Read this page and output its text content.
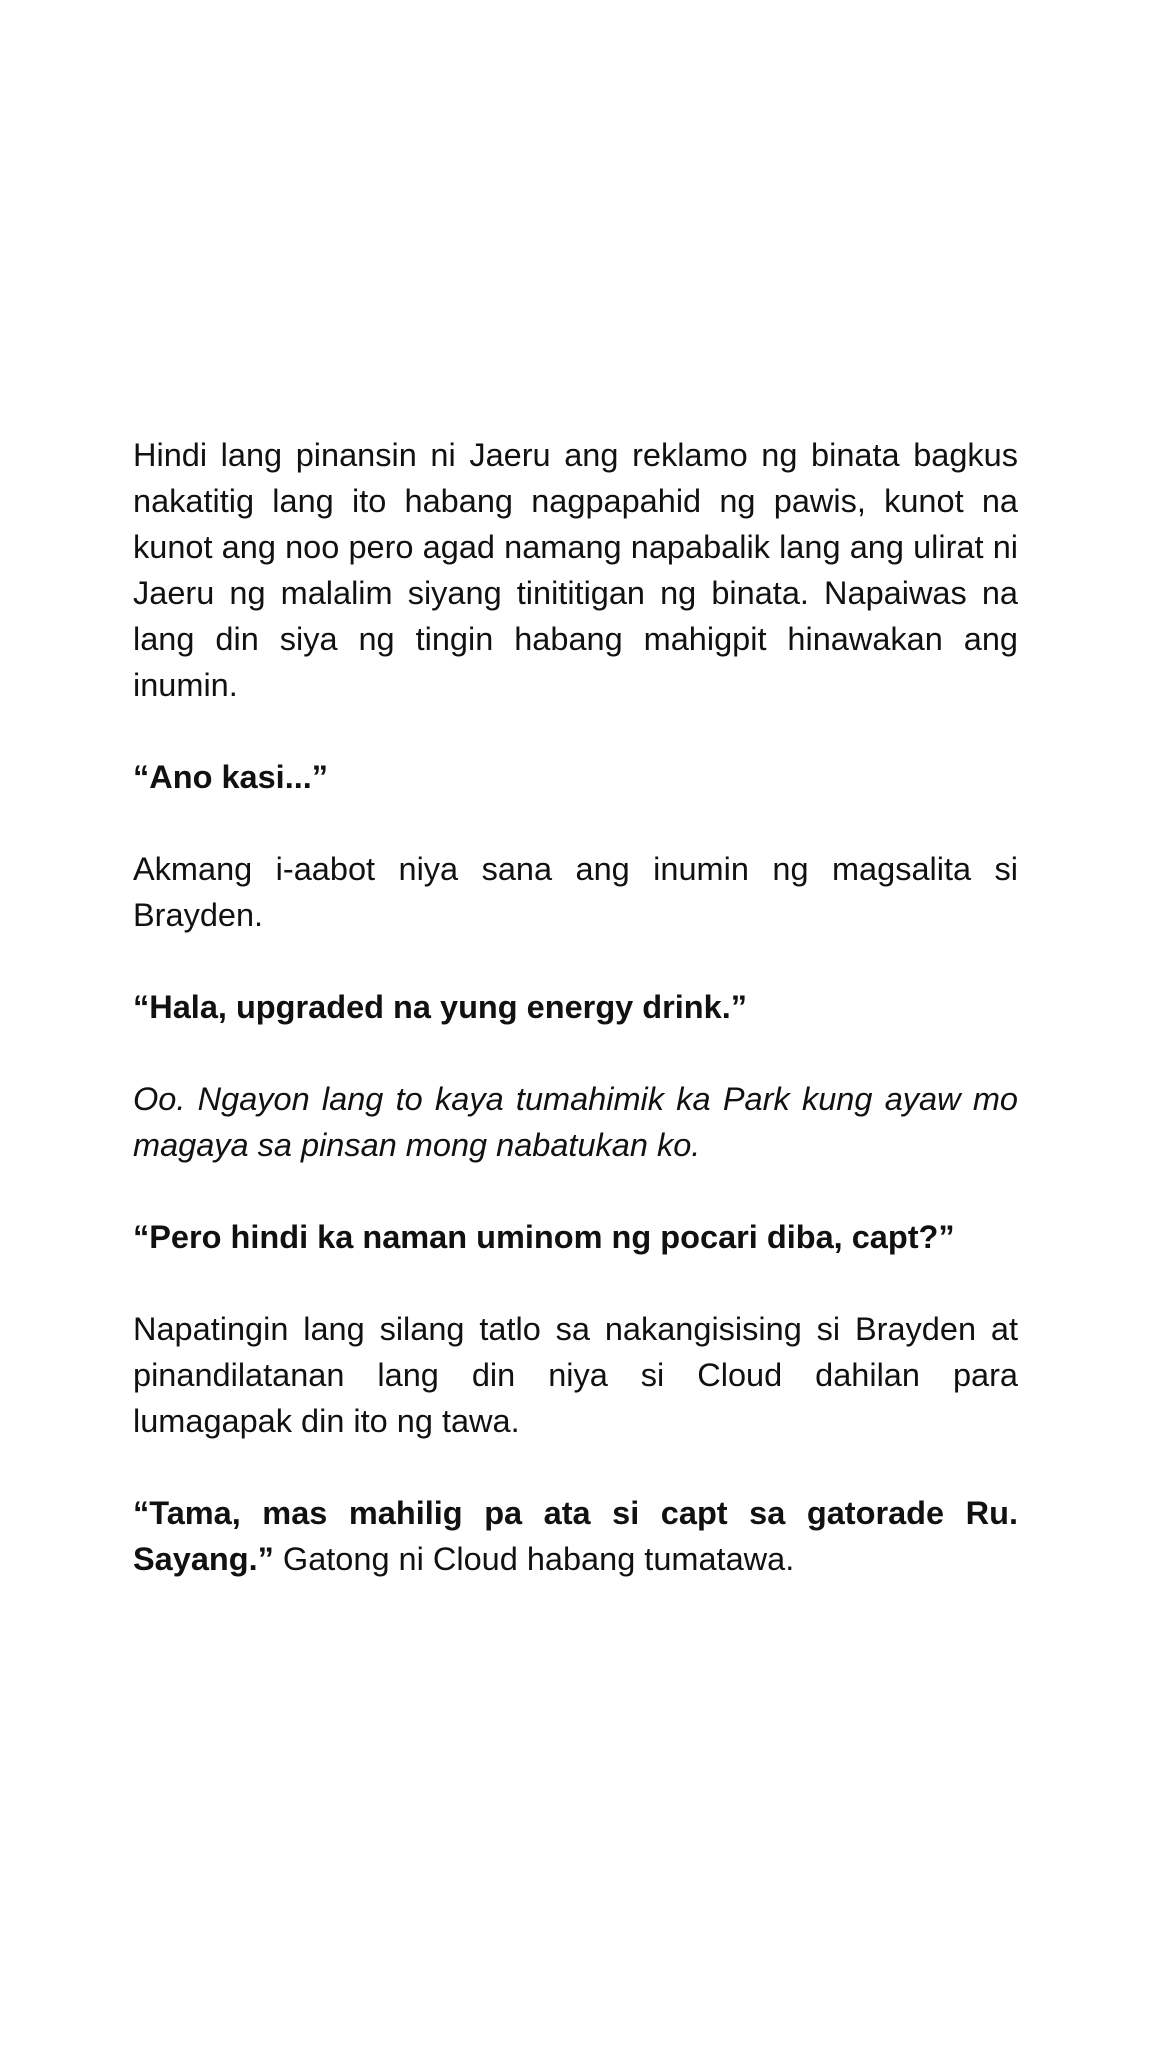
Hindi lang pinansin ni Jaeru ang reklamo ng binata bagkus nakatitig lang ito habang nagpapahid ng pawis, kunot na kunot ang noo pero agad namang napabalik lang ang ulirat ni Jaeru ng malalim siyang tinititigan ng binata. Napaiwas na lang din siya ng tingin habang mahigpit hinawakan ang inumin.

“Ano kasi...”

Akmang i-aabot niya sana ang inumin ng magsalita si Brayden.

“Hala, upgraded na yung energy drink.”

Oo. Ngayon lang to kaya tumahimik ka Park kung ayaw mo magaya sa pinsan mong nabatukan ko.

“Pero hindi ka naman uminom ng pocari diba, capt?”

Napatingin lang silang tatlo sa nakangisising si Brayden at pinandilatanan lang din niya si Cloud dahilan para lumagapak din ito ng tawa.

“Tama, mas mahilig pa ata si capt sa gatorade Ru. Sayang.” Gatong ni Cloud habang tumatawa.
